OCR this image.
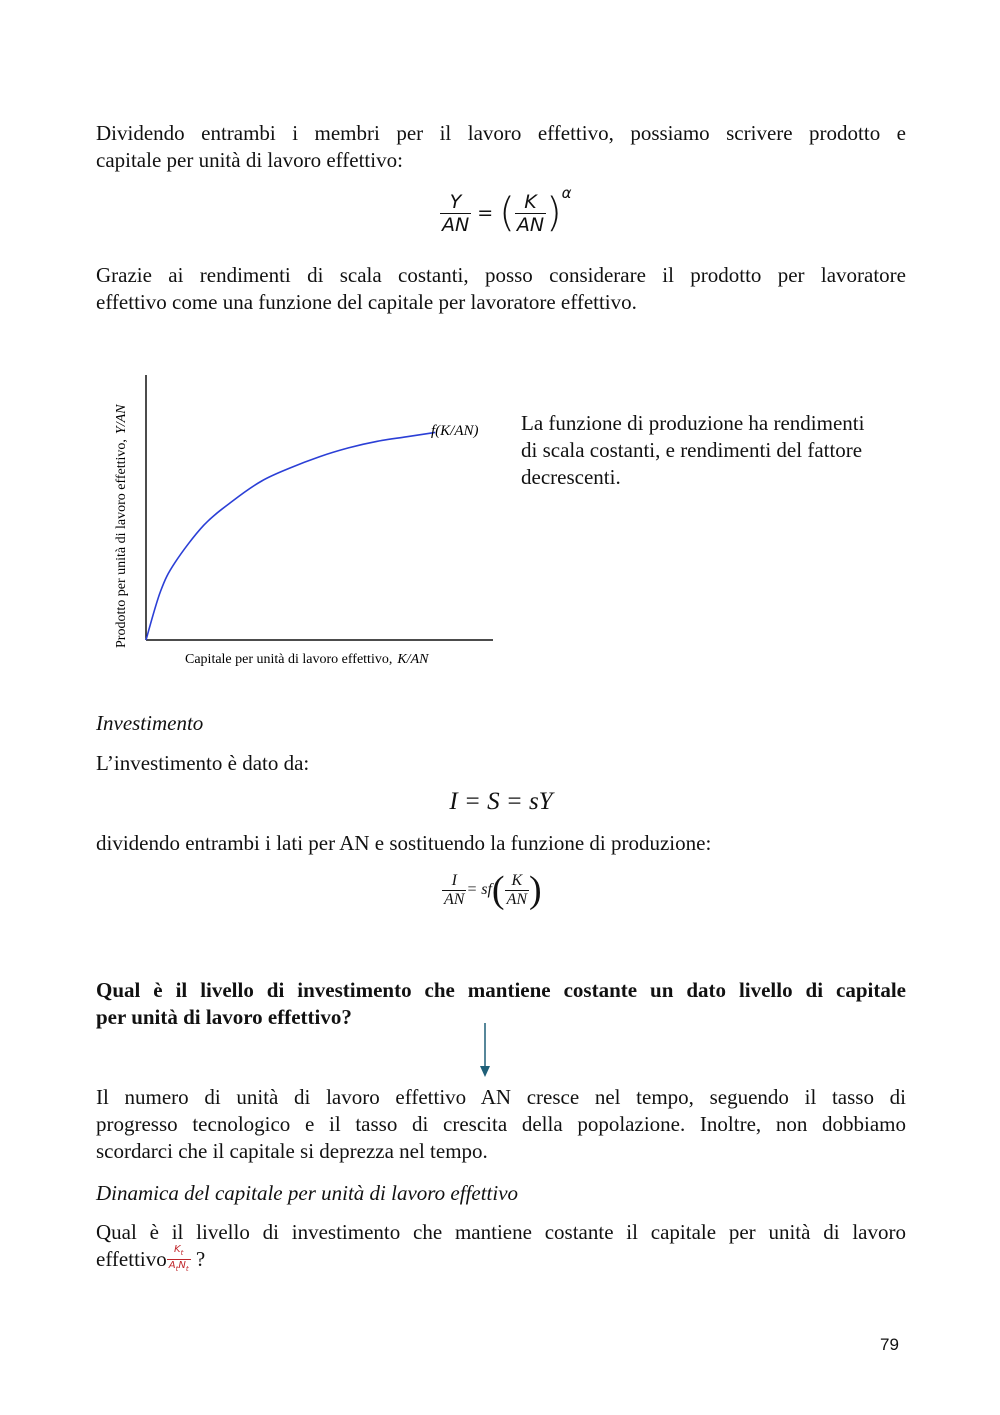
Dividendo entrambi i membri per il lavoro effettivo, possiamo scrivere prodotto e
capitale per unità di lavoro effettivo:
$\frac{Y}{AN}$ = ( $\frac{K}{AN} )^\alpha$
Grazie ai rendimenti di scala costanti, posso considerare il prodotto per lavoratore
effettivo come una funzione del capitale per lavoratore effettivo.
f(K/AN)
Capitale per unità di lavoro effettivo, K/AN
Prodotto per unità di lavoro effettivo,Y/AN	La funzione di produzione ha rendimenti
di scala costanti, e rendimenti del fattore
decrescenti.
Investimento
L’investimento è dato da:
I = S = sY
dividendo entrambi i lati per AN e sostituendo la funzione di produzione:
$\frac{I}{AN} = sf( \frac{K}{AN}$ )
Qual è il livello di investimento che mantiene costante un dato livello di capitale
per unità di lavoro effettivo?
Il numero di unità di lavoro effettivo AN cresce nel tempo, seguendo il tasso di
progresso tecnologico e il tasso di crescita della popolazione. Inoltre, non dobbiamo
scordarci che il capitale si deprezza nel tempo.
Dinamica del capitale per unità di lavoro effettivo
Qual è il livello di investimento che mantiene costante il capitale per unità di lavoro
effettivo $\frac{K_t}{A_tN_t}$ ?
79
